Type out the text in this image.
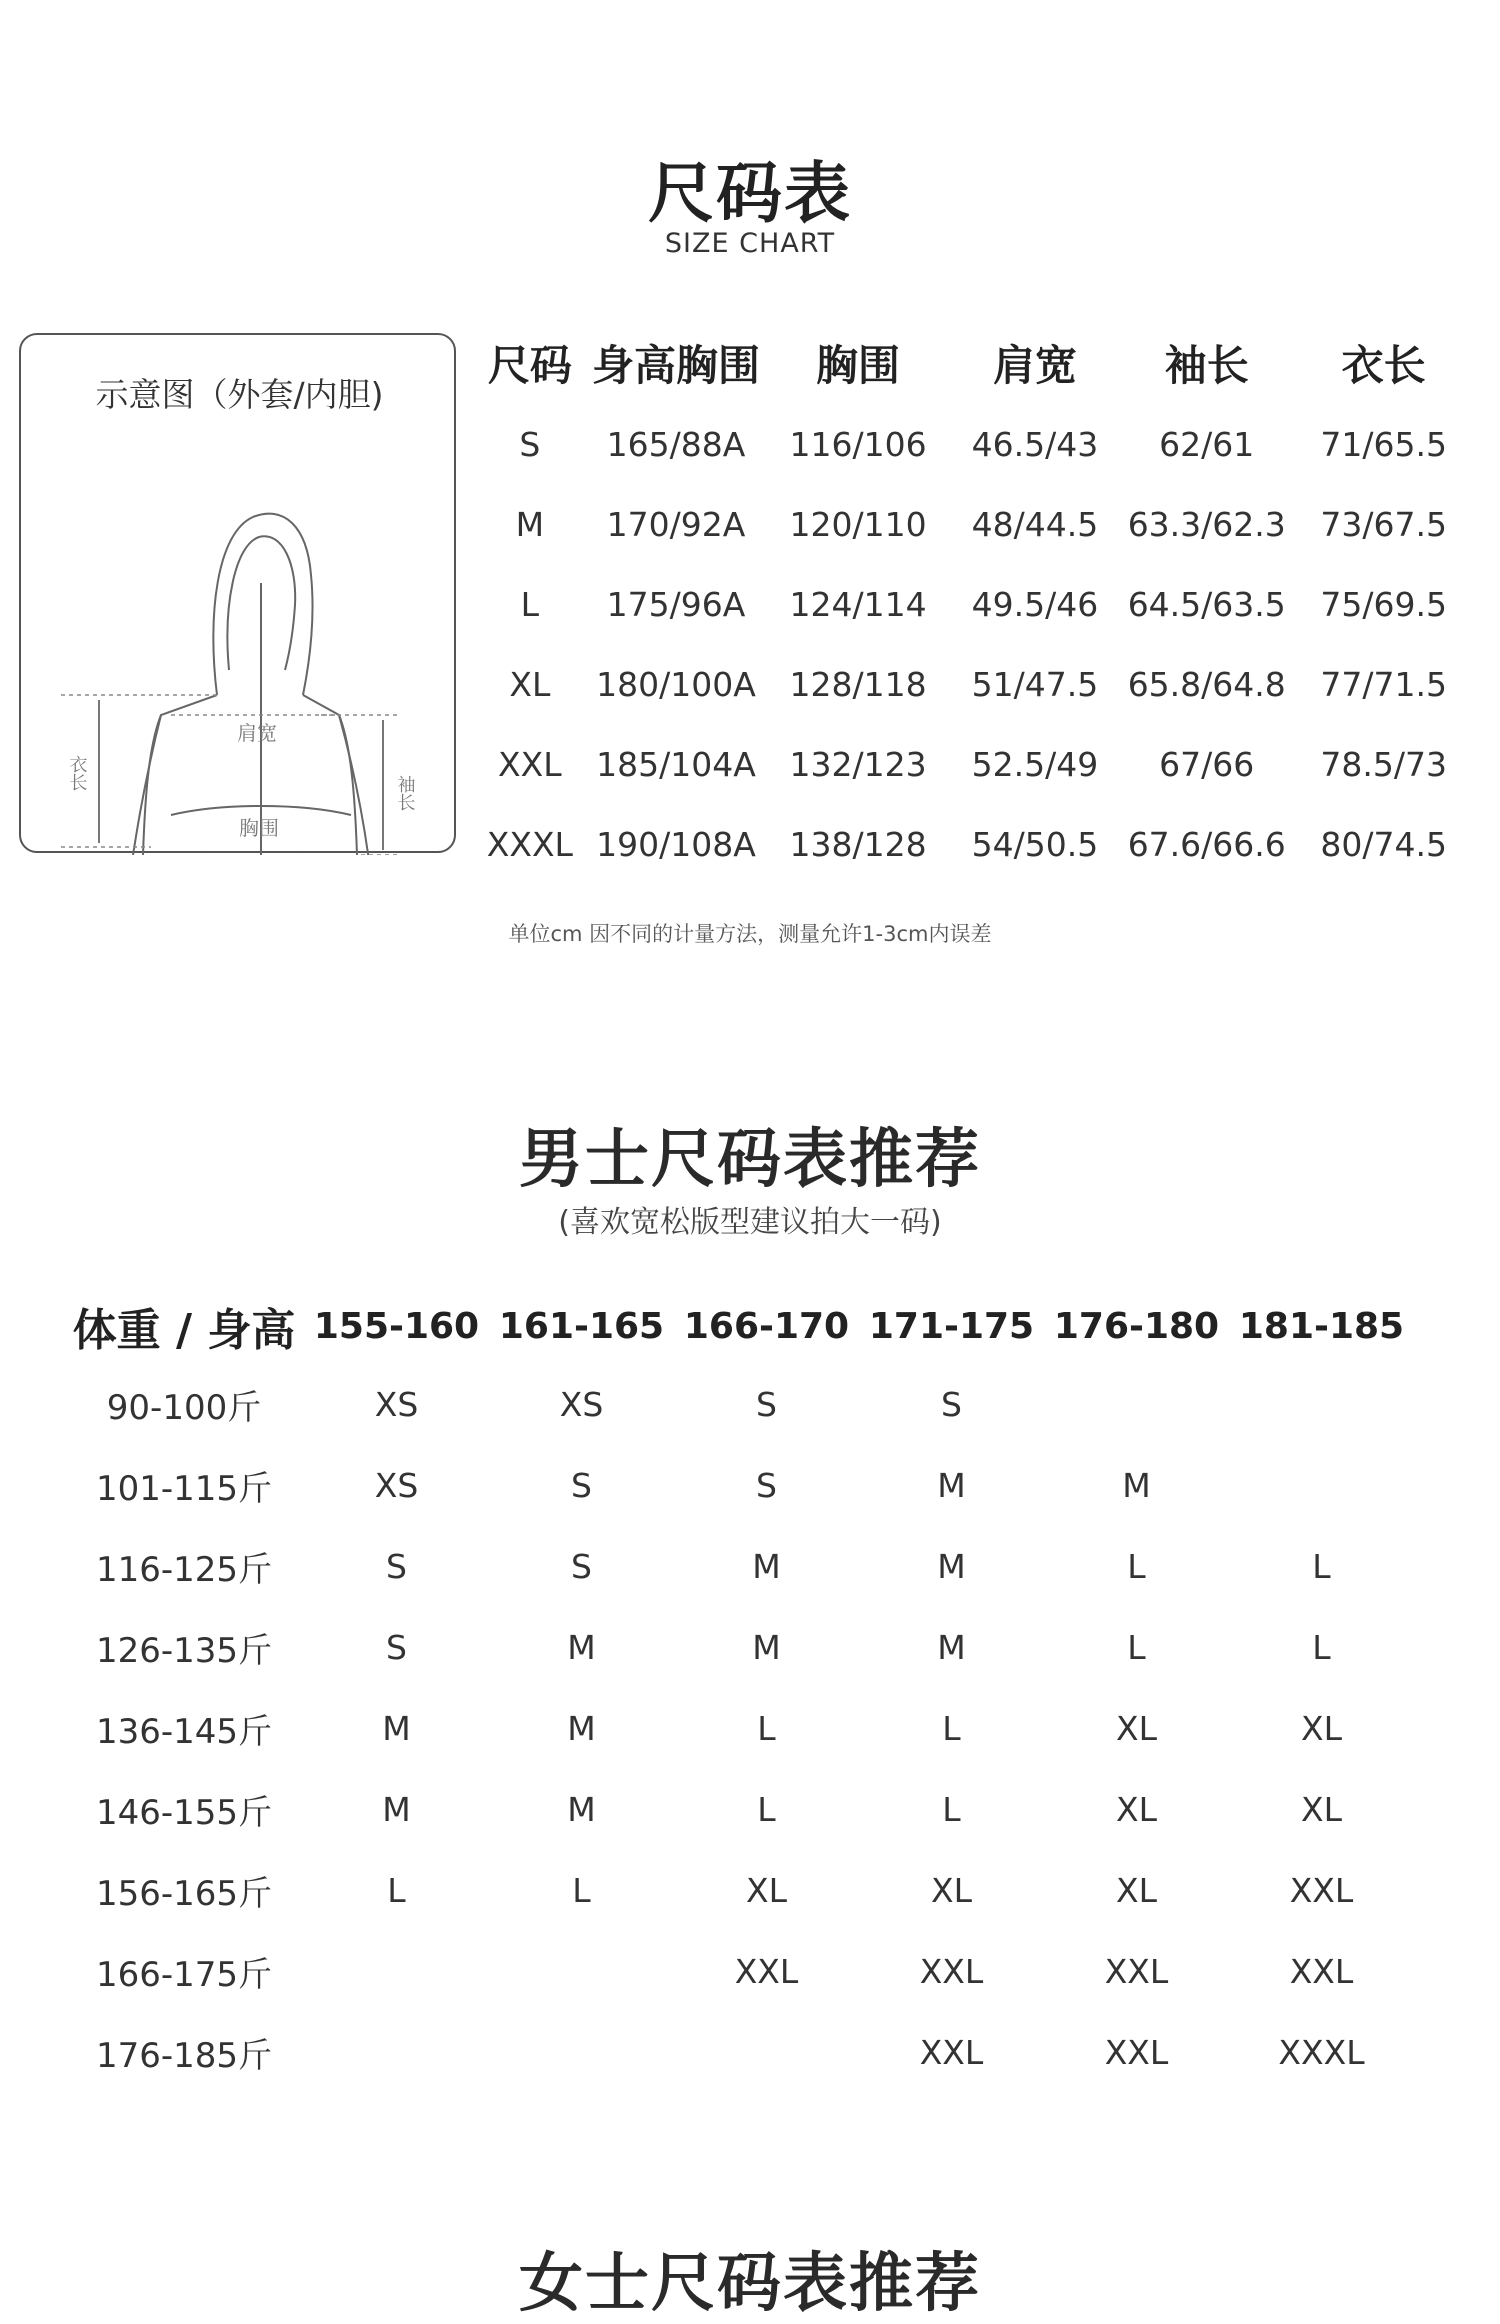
尺码表
SIZE CHART
示意图（外套/内胆)
肩宽
胸围
衣长
袖长
尺码	身高胸围	胸围	肩宽	袖长	衣长
S	165/88A	116/106	46.5/43	62/61	71/65.5
M	170/92A	120/110	48/44.5	63.3/62.3	73/67.5
L	175/96A	124/114	49.5/46	64.5/63.5	75/69.5
XL	180/100A	128/118	51/47.5	65.8/64.8	77/71.5
XXL	185/104A	132/123	52.5/49	67/66	78.5/73
XXXL	190/108A	138/128	54/50.5	67.6/66.6	80/74.5
单位cm 因不同的计量方法，测量允许1-3cm内误差
男士尺码表推荐
(喜欢宽松版型建议拍大一码)
体重 / 身高	155-160	161-165	166-170	171-175	176-180	181-185
90-100斤	XS	XS	S	S		
101-115斤	XS	S	S	M	M	
116-125斤	S	S	M	M	L	L
126-135斤	S	M	M	M	L	L
136-145斤	M	M	L	L	XL	XL
146-155斤	M	M	L	L	XL	XL
156-165斤	L	L	XL	XL	XL	XXL
166-175斤			XXL	XXL	XXL	XXL
176-185斤				XXL	XXL	XXXL
女士尺码表推荐
